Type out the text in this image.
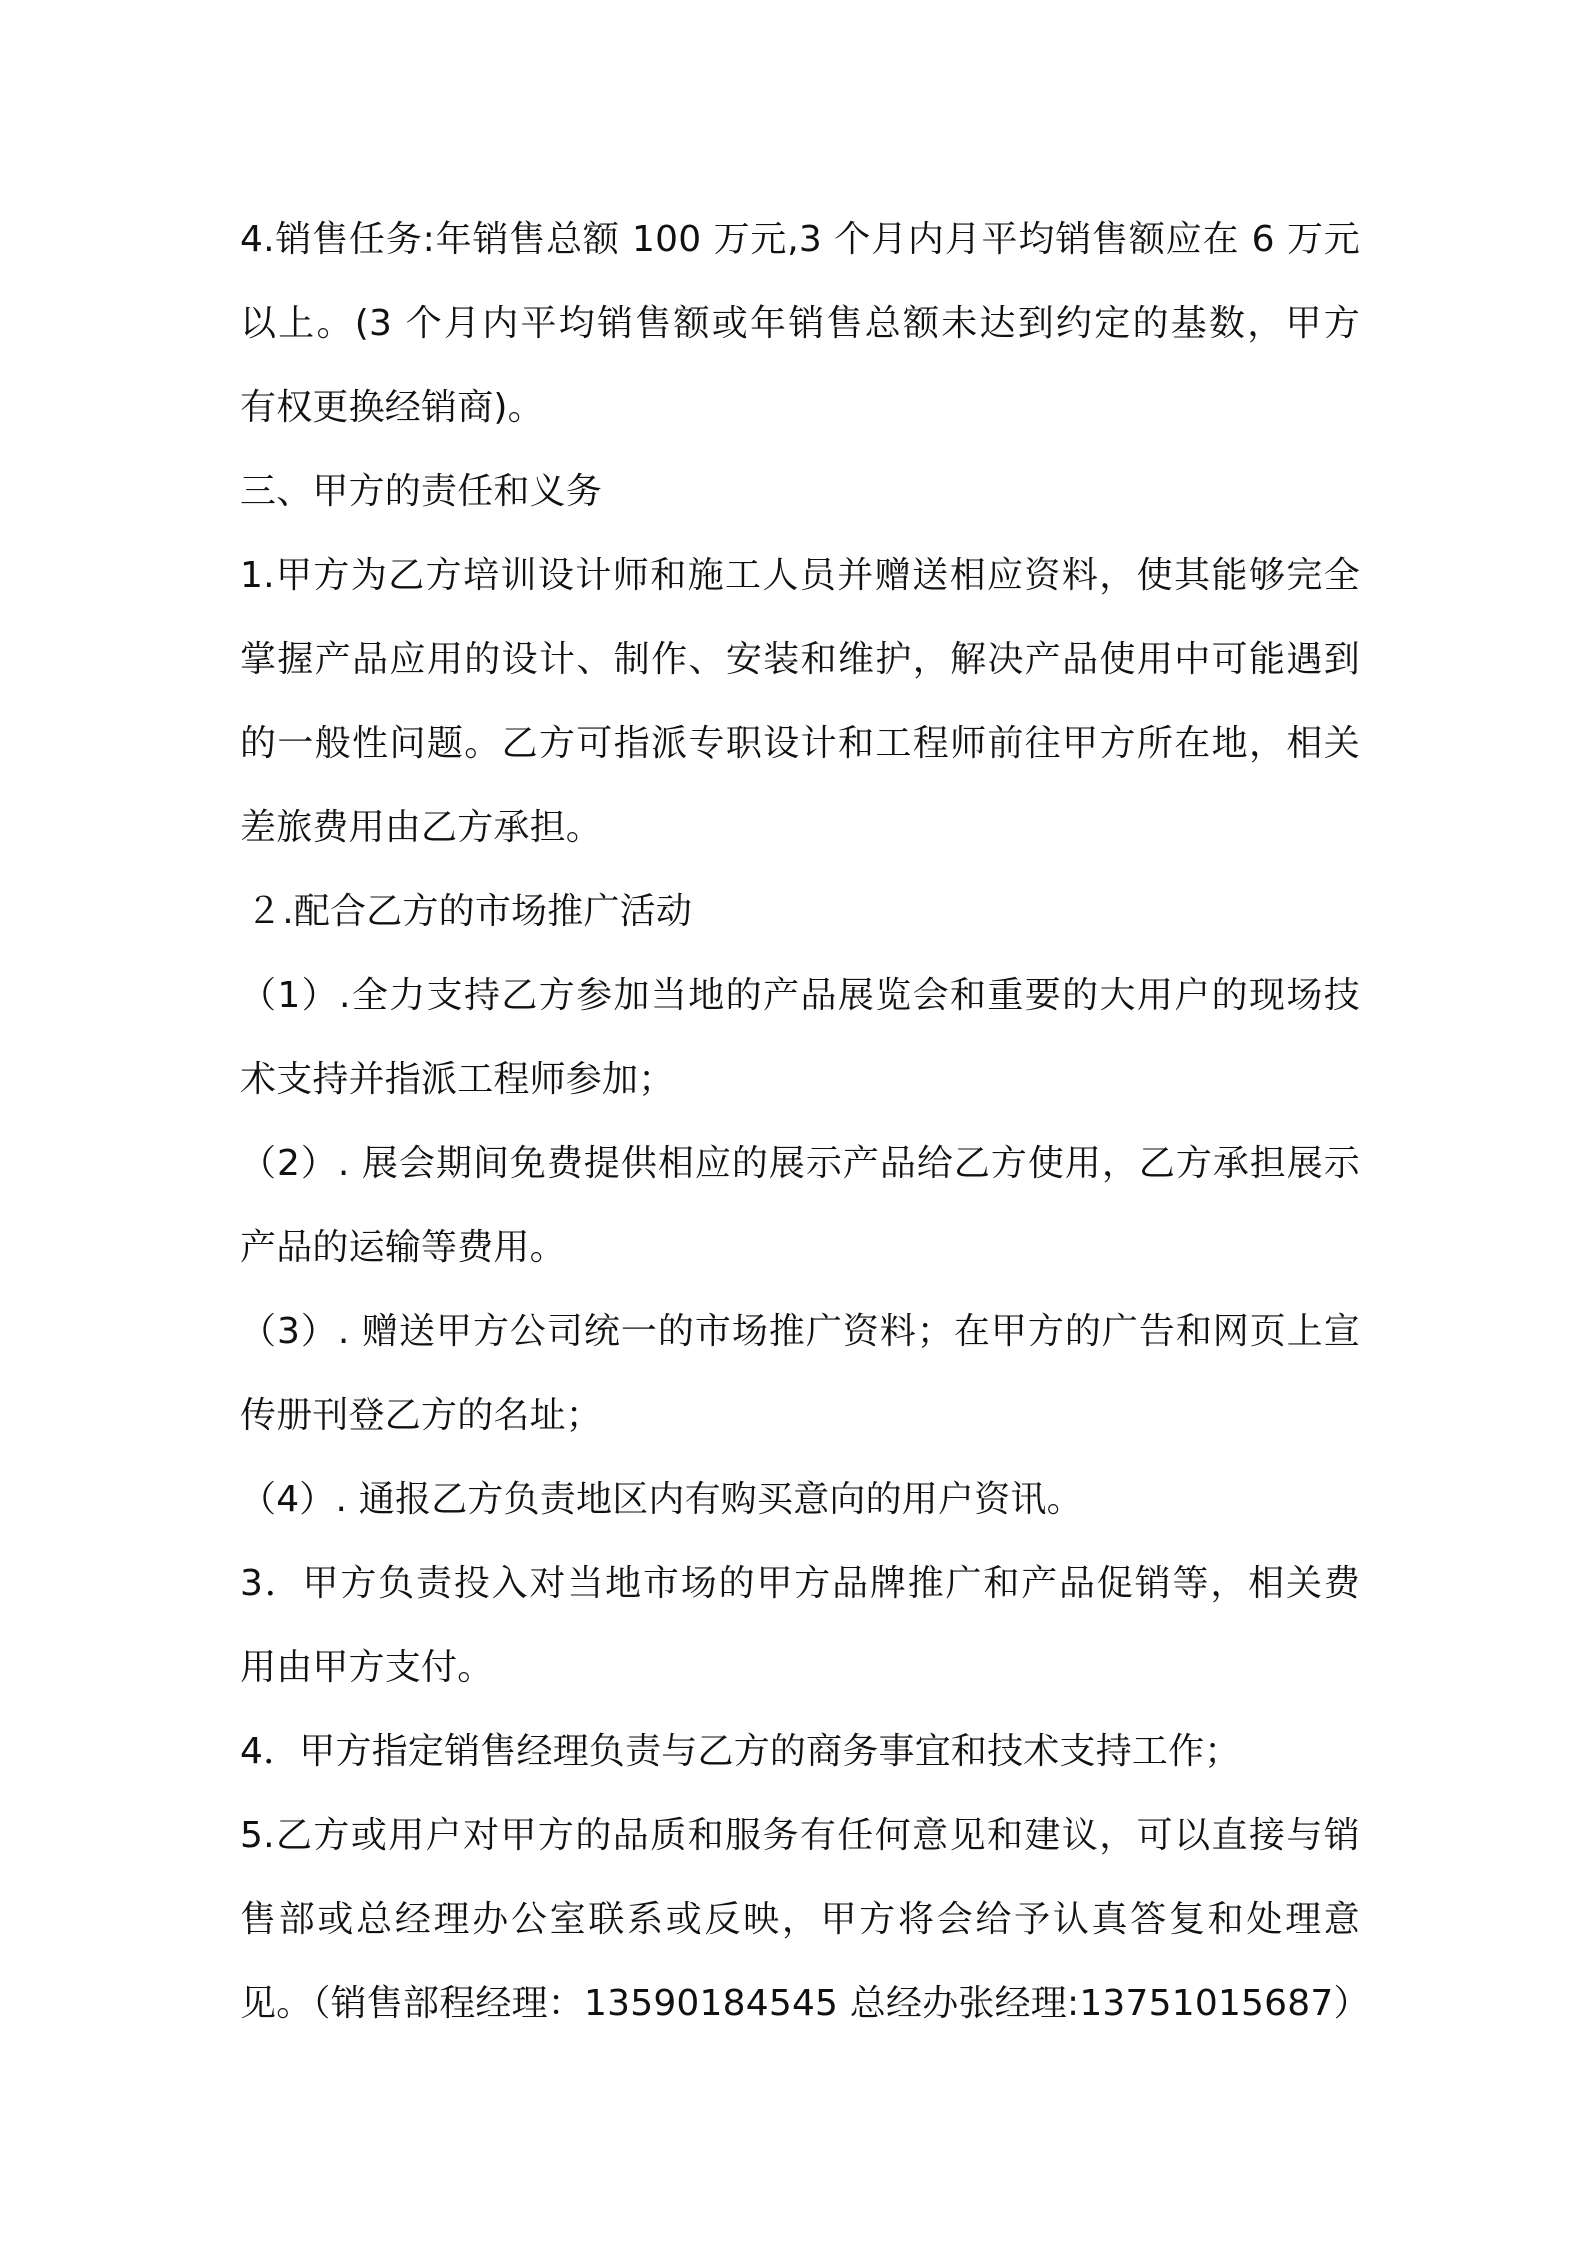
4.销售任务:年销售总额 100 万元,3 个月内月平均销售额应在 6 万元
以上。(3 个月内平均销售额或年销售总额未达到约定的基数，甲方
有权更换经销商)。
三、甲方的责任和义务
1.甲方为乙方培训设计师和施工人员并赠送相应资料，使其能够完全
掌握产品应用的设计、制作、安装和维护，解决产品使用中可能遇到
的一般性问题。乙方可指派专职设计和工程师前往甲方所在地，相关
差旅费用由乙方承担。
２.配合乙方的市场推广活动
（1）.全力支持乙方参加当地的产品展览会和重要的大用户的现场技
术支持并指派工程师参加；
（2）. 展会期间免费提供相应的展示产品给乙方使用，乙方承担展示
产品的运输等费用。
（3）. 赠送甲方公司统一的市场推广资料；在甲方的广告和网页上宣
传册刊登乙方的名址；
（4）. 通报乙方负责地区内有购买意向的用户资讯。
3．甲方负责投入对当地市场的甲方品牌推广和产品促销等，相关费
用由甲方支付。
4．甲方指定销售经理负责与乙方的商务事宜和技术支持工作；
5.乙方或用户对甲方的品质和服务有任何意见和建议，可以直接与销
售部或总经理办公室联系或反映，甲方将会给予认真答复和处理意
见。（销售部程经理：13590184545 总经办张经理:13751015687）
